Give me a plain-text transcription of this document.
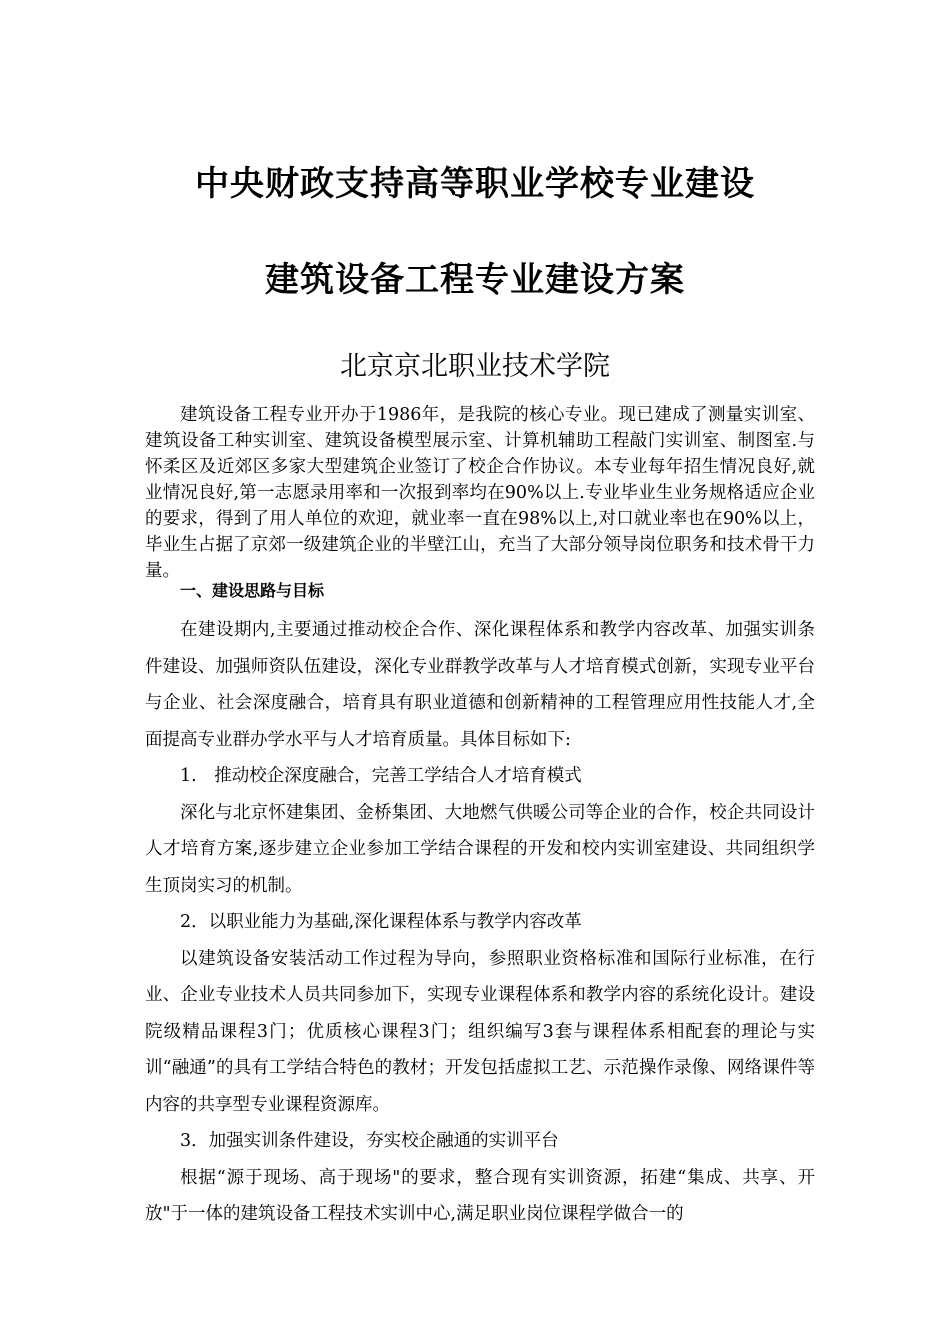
中央财政支持高等职业学校专业建设
建筑设备工程专业建设方案
北京京北职业技术学院

建筑设备工程专业开办于1986年，是我院的核心专业。现已建成了测量实训室、建筑设备工种实训室、建筑设备模型展示室、计算机辅助工程敲门实训室、制图室.与怀柔区及近郊区多家大型建筑企业签订了校企合作协议。本专业每年招生情况良好,就业情况良好,第一志愿录用率和一次报到率均在90%以上.专业毕业生业务规格适应企业的要求，得到了用人单位的欢迎，就业率一直在98%以上,对口就业率也在90%以上，毕业生占据了京郊一级建筑企业的半壁江山，充当了大部分领导岗位职务和技术骨干力量。

一、建设思路与目标

在建设期内,主要通过推动校企合作、深化课程体系和教学内容改革、加强实训条件建设、加强师资队伍建设，深化专业群教学改革与人才培育模式创新，实现专业平台与企业、社会深度融合，培育具有职业道德和创新精神的工程管理应用性技能人才,全面提高专业群办学水平与人才培育质量。具体目标如下:

1.　推动校企深度融合，完善工学结合人才培育模式

深化与北京怀建集团、金桥集团、大地燃气供暖公司等企业的合作，校企共同设计人才培育方案,逐步建立企业参加工学结合课程的开发和校内实训室建设、共同组织学生顶岗实习的机制。

2．以职业能力为基础,深化课程体系与教学内容改革

以建筑设备安装活动工作过程为导向，参照职业资格标准和国际行业标准，在行业、企业专业技术人员共同参加下，实现专业课程体系和教学内容的系统化设计。建设院级精品课程3门；优质核心课程3门；组织编写3套与课程体系相配套的理论与实训“融通”的具有工学结合特色的教材；开发包括虚拟工艺、示范操作录像、网络课件等内容的共享型专业课程资源库。

3．加强实训条件建设，夯实校企融通的实训平台

根据“源于现场、高于现场"的要求，整合现有实训资源，拓建“集成、共享、开放"于一体的建筑设备工程技术实训中心,满足职业岗位课程学做合一的
